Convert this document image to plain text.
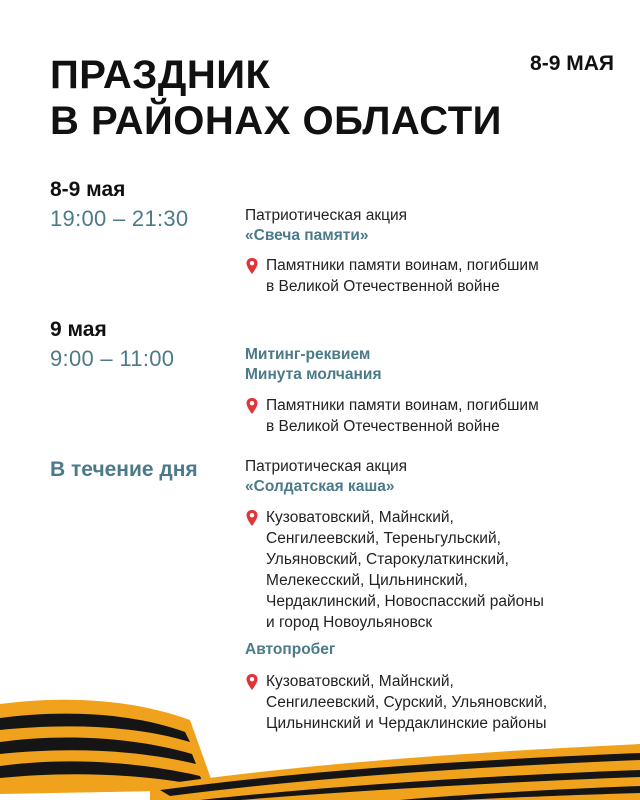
ПРАЗДНИК
В РАЙОНАХ ОБЛАСТИ
8-9 МАЯ
8-9 мая
19:00 – 21:30	Патриотическая акция
«Свеча памяти»
Памятники памяти воинам, погибшим
в Великой Отечественной войне
9 мая
9:00 – 11:00	Митинг-реквием
Минута молчания
Памятники памяти воинам, погибшим
в Великой Отечественной войне
В течение дня	Патриотическая акция
«Солдатская каша»
Кузоватовский, Майнский,
Сенгилеевский, Тереньгульский,
Ульяновский, Старокулаткинский,
Мелекесский, Цильнинский,
Чердаклинский, Новоспасский районы
и город Новоульяновск
Автопробег
Кузоватовский, Майнский,
Сенгилеевский, Сурский, Ульяновский,
Цильнинский и Чердаклинские районы
